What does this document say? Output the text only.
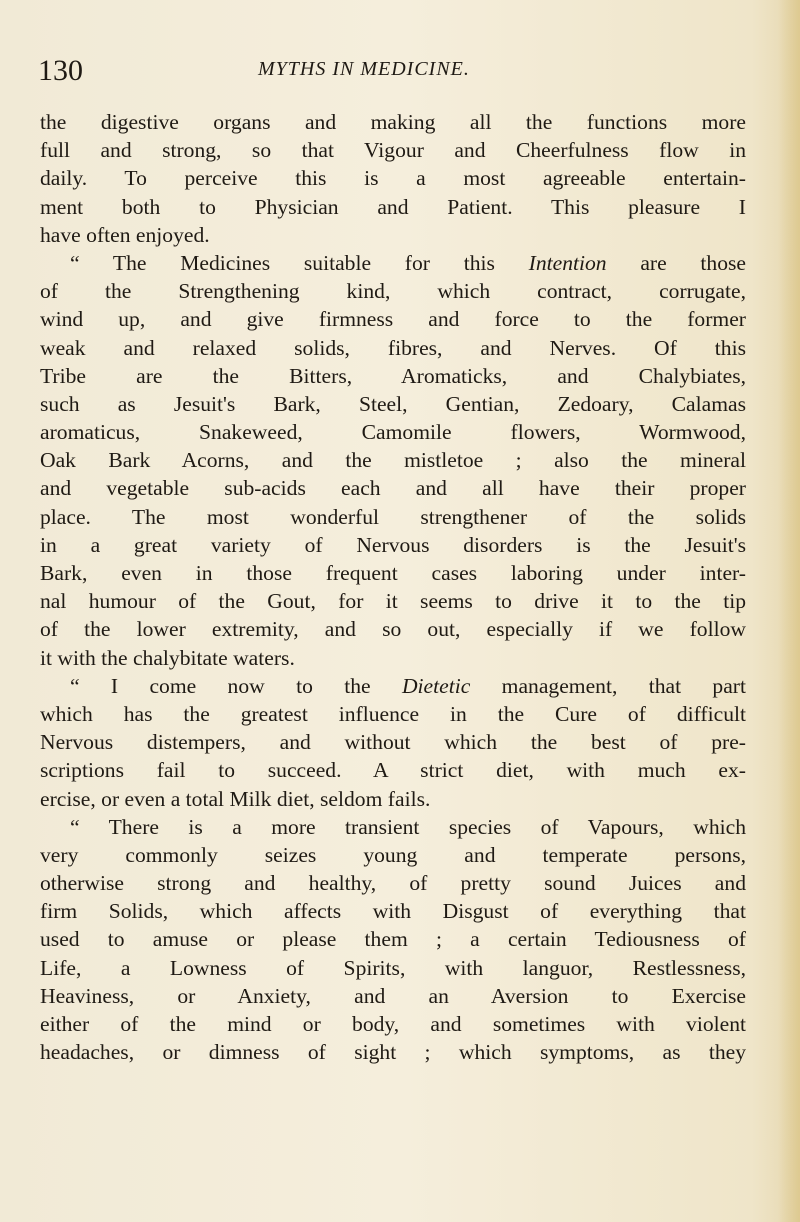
130	MYTHS IN MEDICINE.
the digestive organs and making all the functions more
full and strong, so that Vigour and Cheerfulness flow in
daily. To perceive this is a most agreeable entertain-
ment both to Physician and Patient. This pleasure I
have often enjoyed.
“ The Medicines suitable for this Intention are those
of the Strengthening kind, which contract, corrugate,
wind up, and give firmness and force to the former
weak and relaxed solids, fibres, and Nerves. Of this
Tribe are the Bitters, Aromaticks, and Chalybiates,
such as Jesuit's Bark, Steel, Gentian, Zedoary, Calamas
aromaticus, Snakeweed, Camomile flowers, Wormwood,
Oak Bark Acorns, and the mistletoe ; also the mineral
and vegetable sub-acids each and all have their proper
place. The most wonderful strengthener of the solids
in a great variety of Nervous disorders is the Jesuit's
Bark, even in those frequent cases laboring under inter-
nal humour of the Gout, for it seems to drive it to the tip
of the lower extremity, and so out, especially if we follow
it with the chalybitate waters.
“ I come now to the Dietetic management, that part
which has the greatest influence in the Cure of difficult
Nervous distempers, and without which the best of pre-
scriptions fail to succeed. A strict diet, with much ex-
ercise, or even a total Milk diet, seldom fails.
“ There is a more transient species of Vapours, which
very commonly seizes young and temperate persons,
otherwise strong and healthy, of pretty sound Juices and
firm Solids, which affects with Disgust of everything that
used to amuse or please them ; a certain Tediousness of
Life, a Lowness of Spirits, with languor, Restlessness,
Heaviness, or Anxiety, and an Aversion to Exercise
either of the mind or body, and sometimes with violent
headaches, or dimness of sight ; which symptoms, as they
